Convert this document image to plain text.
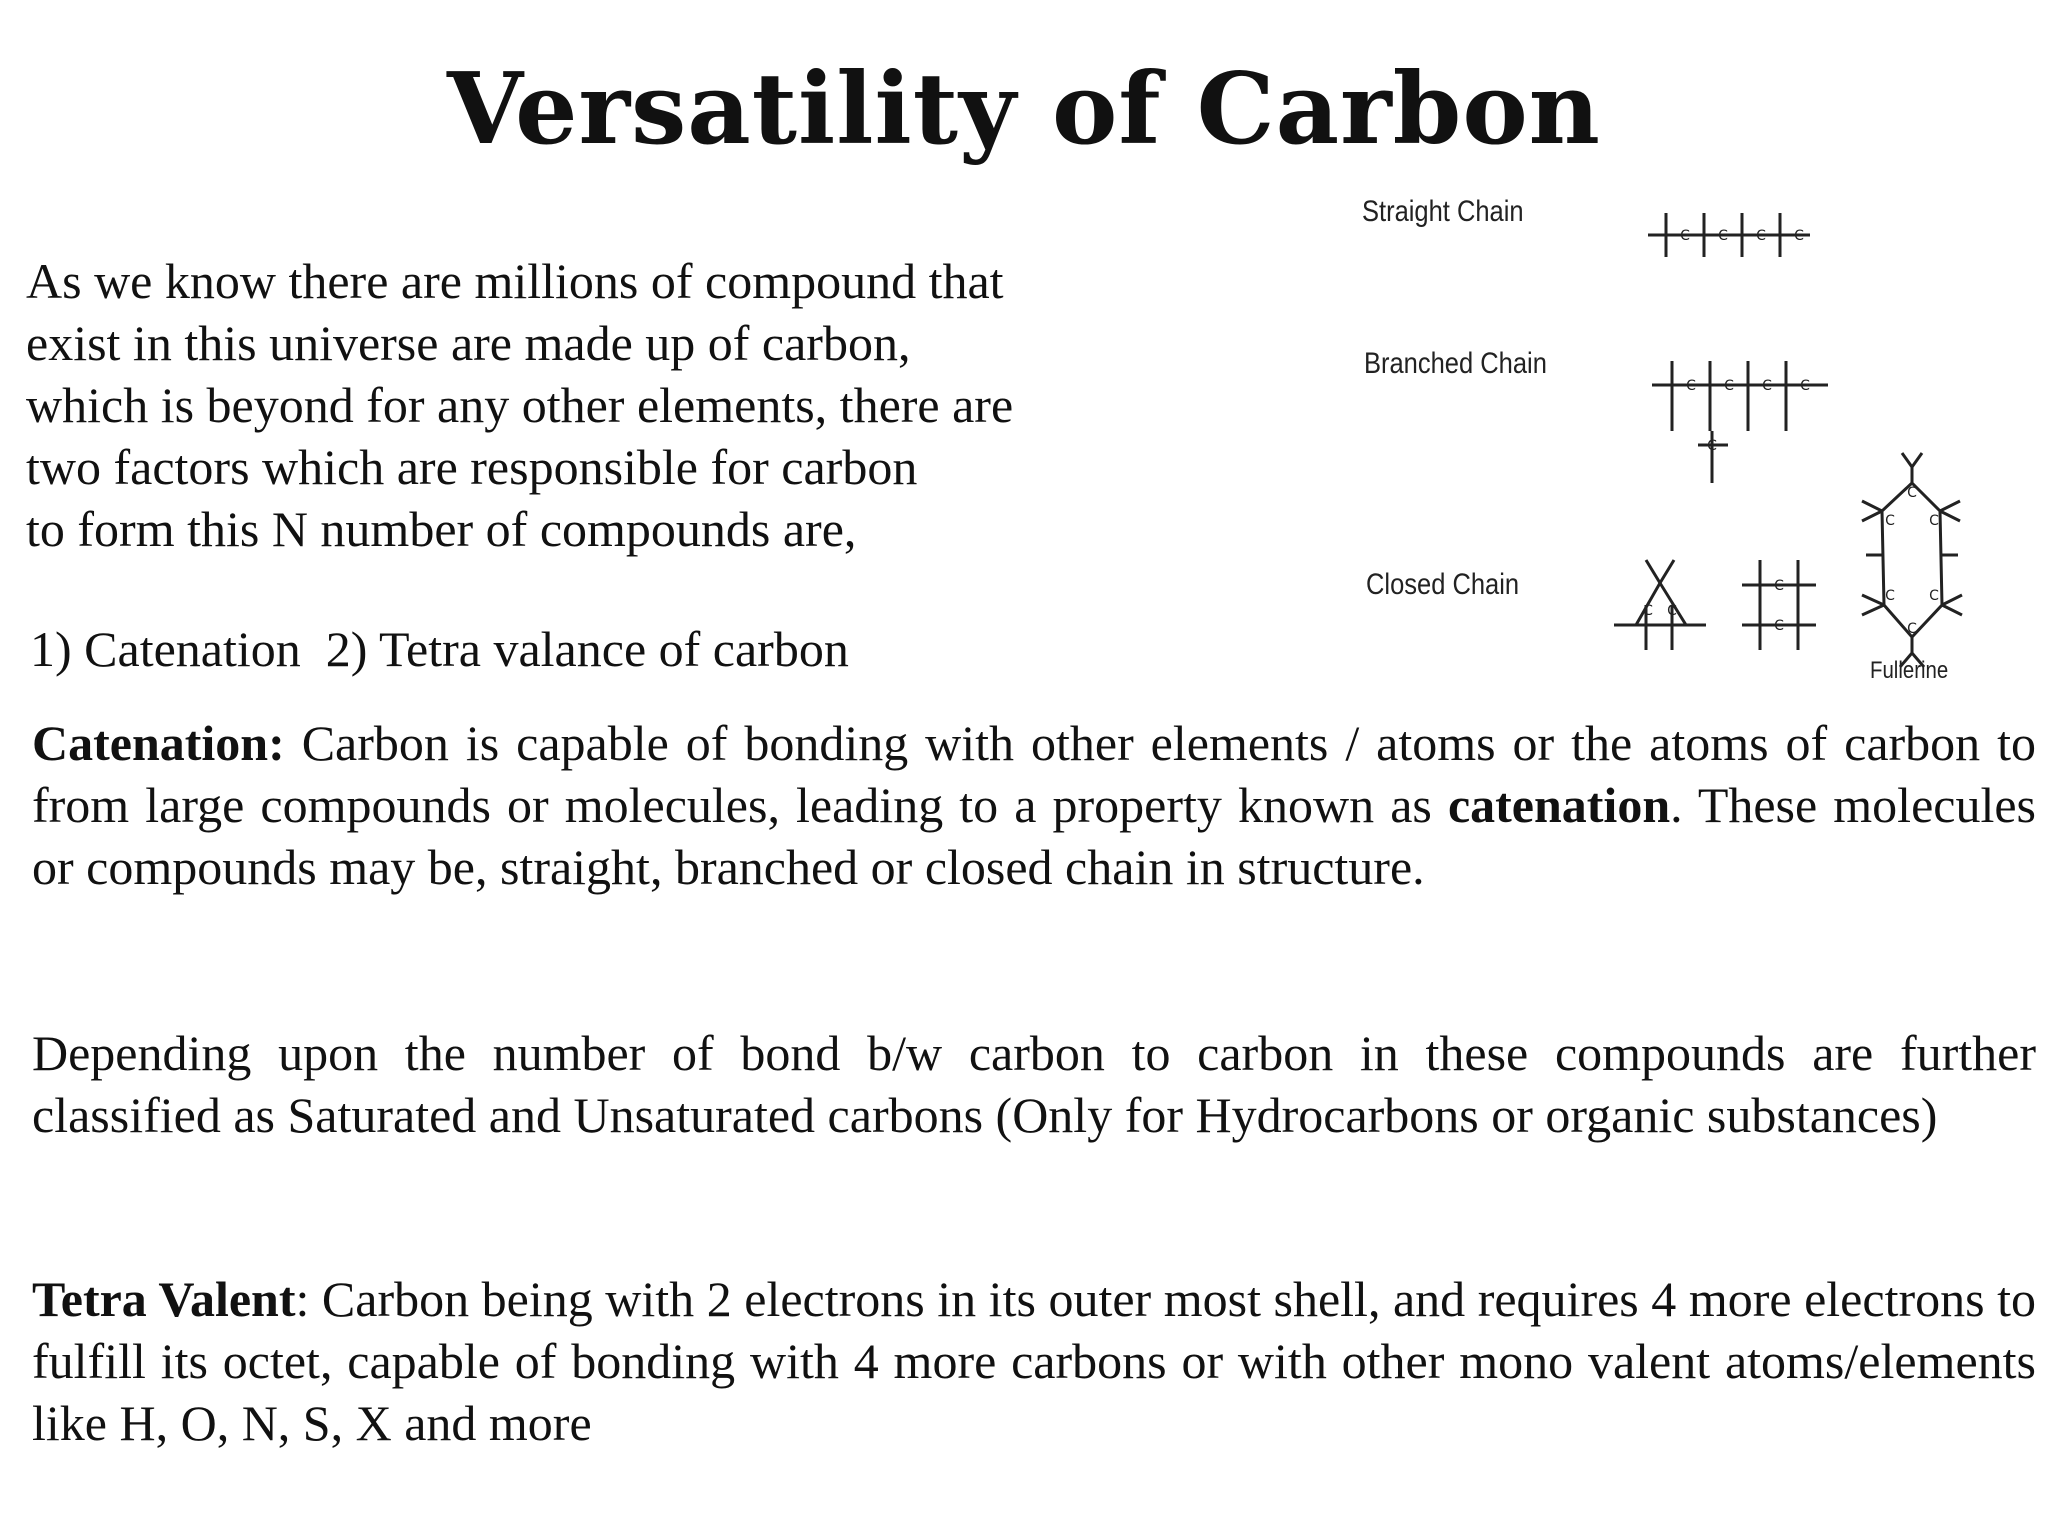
Versatility of Carbon

As we know there are millions of compound that

exist in this universe are made up of carbon,

which is beyond for any other elements, there are

two factors which are responsible for carbon

to form this N number of compounds are,

1) Catenation  2) Tetra valance of carbon
Straight Chain
Branched Chain
Closed Chain
Fullerine
C C C C
C C C C
C
C C
C
C
C
C
C C
C C

Catenation: Carbon is capable of bonding with other elements / atoms or the atoms of carbon to from large compounds or molecules, leading to a property known as catenation. These molecules or compounds may be, straight, branched or closed chain in structure.

Depending upon the number of bond b/w carbon to carbon in these compounds are further classified as Saturated and Unsaturated carbons (Only for Hydrocarbons or organic substances)

Tetra Valent: Carbon being with 2 electrons in its outer most shell, and requires 4 more electrons to fulfill its octet, capable of bonding with 4 more carbons or with other mono valent atoms/elements like H, O, N, S, X and more
